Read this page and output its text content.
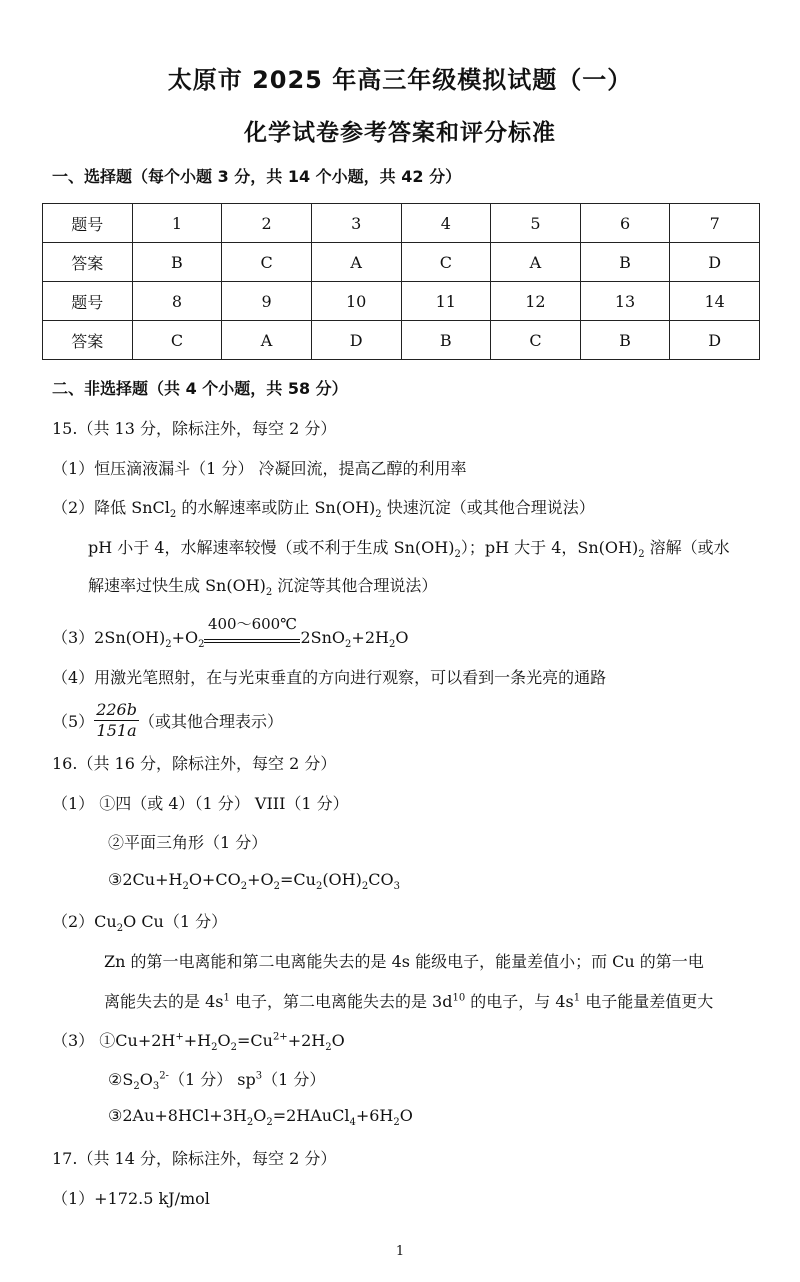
太原市 2025 年高三年级模拟试题（一）
化学试卷参考答案和评分标准
一、选择题（每个小题 3 分，共 14 个小题，共 42 分）
题号	1	2	3	4	5	6	7
答案	B	C	A	C	A	B	D
题号	8	9	10	11	12	13	14
答案	C	A	D	B	C	B	D
二、非选择题（共 4 个小题，共 58 分）
15.（共 13 分，除标注外，每空 2 分）
（1）恒压滴液漏斗（1 分） 冷凝回流，提高乙醇的利用率
（2）降低 SnCl$_2$ 的水解速率或防止 $Sn(OH)_2$ 快速沉淀（或其他合理说法）
pH 小于 4，水解速率较慢（或不利于生成 $Sn(OH)_2$）；pH 大于 4，$Sn(OH)_2$ 溶解（或水
解速率过快生成 $Sn(OH)_2$ 沉淀等其他合理说法）
$(3)2Sn(OH)_2+O_2$
400～600℃
$2SnO_2+2H_2O$
（4）用激光笔照射，在与光束垂直的方向进行观察，可以看到一条光亮的通路
$(5) \frac{226b}{151a}$ （或其他合理表示）
16.（共 16 分，除标注外，每空 2 分）
（1） ①四（或 4）（1 分） VIII（1 分）
②平面三角形（1 分）
$③2Cu+H_2O+CO_2+O_2=Cu_2(OH)_2CO_3$
$(2)Cu_2O$ Cu（1 分）
Zn 的第一电离能和第二电离能失去的是 4s 能级电子，能量差值小；而 Cu 的第一电
离能失去的是 $4s^1$ 电子，第二电离能失去的是 $3d^{10}$ 的电子，与 $4s^1$ 电子能量差值更大
（3） $①Cu+2H^++H_2O_2=Cu^{2+}+2H_2O$
$②S_2O_3^{2-}(1$ 分） $sp^3(1$ 分）
$③2Au+8HCl+3H_2O_2=2HAuCl_4+6H_2O$
17.（共 14 分，除标注外，每空 2 分）
（1）+172.5 kJ/mol
1
